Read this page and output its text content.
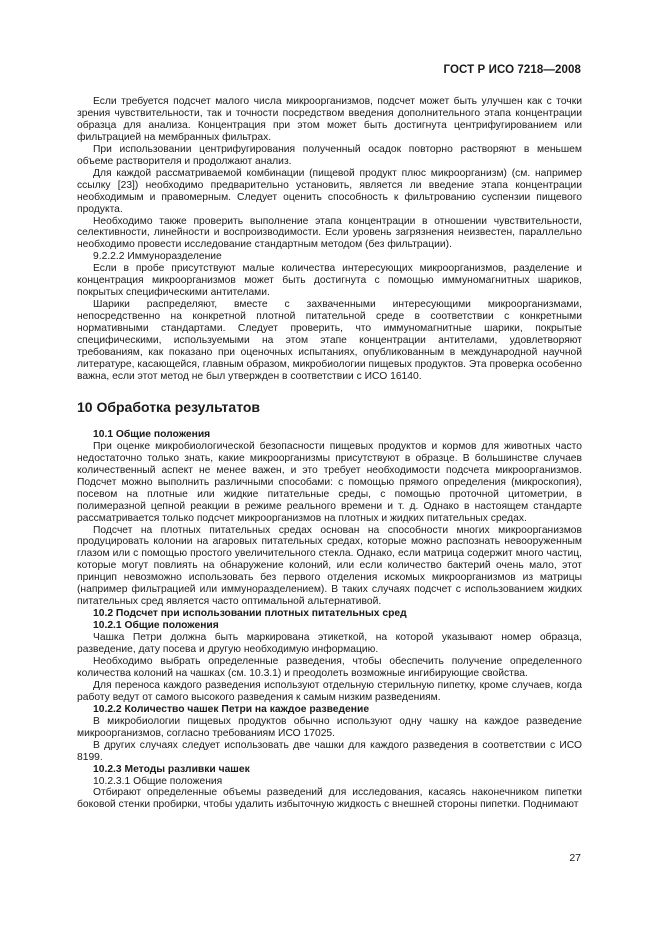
ГОСТ Р ИСО 7218—2008

Если требуется подсчет малого числа микроорганизмов, подсчет может быть улучшен как с точки зрения чувствительности, так и точности посредством введения дополнительного этапа концентрации образца для анализа. Концентрация при этом может быть достигнута центрифугированием или фильтрацией на мембранных фильтрах.

При использовании центрифугирования полученный осадок повторно растворяют в меньшем объеме растворителя и продолжают анализ.

Для каждой рассматриваемой комбинации (пищевой продукт плюс микроорганизм) (см. например ссылку [23]) необходимо предварительно установить, является ли введение этапа концентрации необходимым и правомерным. Следует оценить способность к фильтрованию суспензии пищевого продукта.

Необходимо также проверить выполнение этапа концентрации в отношении чувствительности, селективности, линейности и воспроизводимости. Если уровень загрязнения неизвестен, параллельно необходимо провести исследование стандартным методом (без фильтрации).

9.2.2.2 Иммуноразделение

Если в пробе присутствуют малые количества интересующих микроорганизмов, разделение и концентрация микроорганизмов может быть достигнута с помощью иммуномагнитных шариков, покрытых специфическими антителами.

Шарики распределяют, вместе с захваченными интересующими микроорганизмами, непосредственно на конкретной плотной питательной среде в соответствии с конкретными нормативными стандартами. Следует проверить, что иммуномагнитные шарики, покрытые специфическими, используемыми на этом этапе концентрации антителами, удовлетворяют требованиям, как показано при оценочных испытаниях, опубликованным в международной научной литературе, касающейся, главным образом, микробиологии пищевых продуктов. Эта проверка особенно важна, если этот метод не был утвержден в соответствии с ИСО 16140.

10 Обработка результатов
10.1 Общие положения

При оценке микробиологической безопасности пищевых продуктов и кормов для животных часто недостаточно только знать, какие микроорганизмы присутствуют в образце. В большинстве случаев количественный аспект не менее важен, и это требует необходимости подсчета микроорганизмов. Подсчет можно выполнить различными способами: с помощью прямого определения (микроскопия), посевом на плотные или жидкие питательные среды, с помощью проточной цитометрии, в полимеразной цепной реакции в режиме реального времени и т. д. Однако в настоящем стандарте рассматривается только подсчет микроорганизмов на плотных и жидких питательных средах.

Подсчет на плотных питательных средах основан на способности многих микроорганизмов продуцировать колонии на агаровых питательных средах, которые можно распознать невооруженным глазом или с помощью простого увеличительного стекла. Однако, если матрица содержит много частиц, которые могут повлиять на обнаружение колоний, или если количество бактерий очень мало, этот принцип невозможно использовать без первого отделения искомых микроорганизмов из матрицы (например фильтрацией или иммуноразделением). В таких случаях подсчет с использованием жидких питательных сред является часто оптимальной альтернативой.

10.2 Подсчет при использовании плотных питательных сред
10.2.1 Общие положения

Чашка Петри должна быть маркирована этикеткой, на которой указывают номер образца, разведение, дату посева и другую необходимую информацию.

Необходимо выбрать определенные разведения, чтобы обеспечить получение определенного количества колоний на чашках (см. 10.3.1) и преодолеть возможные ингибирующие свойства.

Для переноса каждого разведения используют отдельную стерильную пипетку, кроме случаев, когда работу ведут от самого высокого разведения к самым низким разведениям.

10.2.2 Количество чашек Петри на каждое разведение

В микробиологии пищевых продуктов обычно используют одну чашку на каждое разведение микроорганизмов, согласно требованиям ИСО 17025.

В других случаях следует использовать две чашки для каждого разведения в соответствии с ИСО 8199.

10.2.3 Методы разливки чашек
10.2.3.1 Общие положения

Отбирают определенные объемы разведений для исследования, касаясь наконечником пипетки боковой стенки пробирки, чтобы удалить избыточную жидкость с внешней стороны пипетки. Поднимают

27
